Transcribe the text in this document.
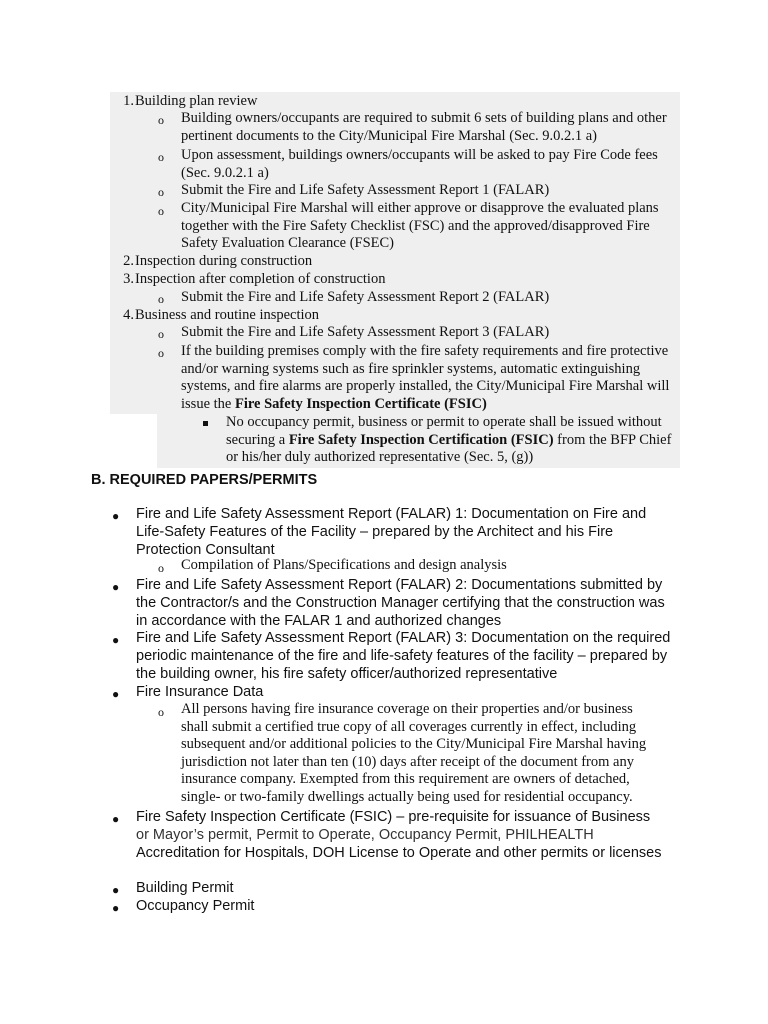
1. Building plan review
o Building owners/occupants are required to submit 6 sets of building plans and other pertinent documents to the City/Municipal Fire Marshal (Sec. 9.0.2.1 a)
o Upon assessment, buildings owners/occupants will be asked to pay Fire Code fees (Sec. 9.0.2.1 a)
o Submit the Fire and Life Safety Assessment Report 1 (FALAR)
o City/Municipal Fire Marshal will either approve or disapprove the evaluated plans together with the Fire Safety Checklist (FSC) and the approved/disapproved Fire Safety Evaluation Clearance (FSEC)
2. Inspection during construction
3. Inspection after completion of construction
o Submit the Fire and Life Safety Assessment Report 2 (FALAR)
4. Business and routine inspection
o Submit the Fire and Life Safety Assessment Report 3 (FALAR)
o If the building premises comply with the fire safety requirements and fire protective and/or warning systems such as fire sprinkler systems, automatic extinguishing systems, and fire alarms are properly installed, the City/Municipal Fire Marshal will issue the Fire Safety Inspection Certificate (FSIC)
No occupancy permit, business or permit to operate shall be issued without securing a Fire Safety Inspection Certification (FSIC) from the BFP Chief or his/her duly authorized representative (Sec. 5, (g))
B. REQUIRED PAPERS/PERMITS
● Fire and Life Safety Assessment Report (FALAR) 1: Documentation on Fire and Life-Safety Features of the Facility – prepared by the Architect and his Fire Protection Consultant
o Compilation of Plans/Specifications and design analysis
● Fire and Life Safety Assessment Report (FALAR) 2: Documentations submitted by the Contractor/s and the Construction Manager certifying that the construction was in accordance with the FALAR 1 and authorized changes
● Fire and Life Safety Assessment Report (FALAR) 3: Documentation on the required periodic maintenance of the fire and life-safety features of the facility – prepared by the building owner, his fire safety officer/authorized representative
● Fire Insurance Data
o All persons having fire insurance coverage on their properties and/or business shall submit a certified true copy of all coverages currently in effect, including subsequent and/or additional policies to the City/Municipal Fire Marshal having jurisdiction not later than ten (10) days after receipt of the document from any insurance company. Exempted from this requirement are owners of detached, single- or two-family dwellings actually being used for residential occupancy.
● Fire Safety Inspection Certificate (FSIC) – pre-requisite for issuance of Business
or Mayor’s permit, Permit to Operate, Occupancy Permit, PHILHEALTH
Accreditation for Hospitals, DOH License to Operate and other permits or licenses
● Building Permit
● Occupancy Permit
